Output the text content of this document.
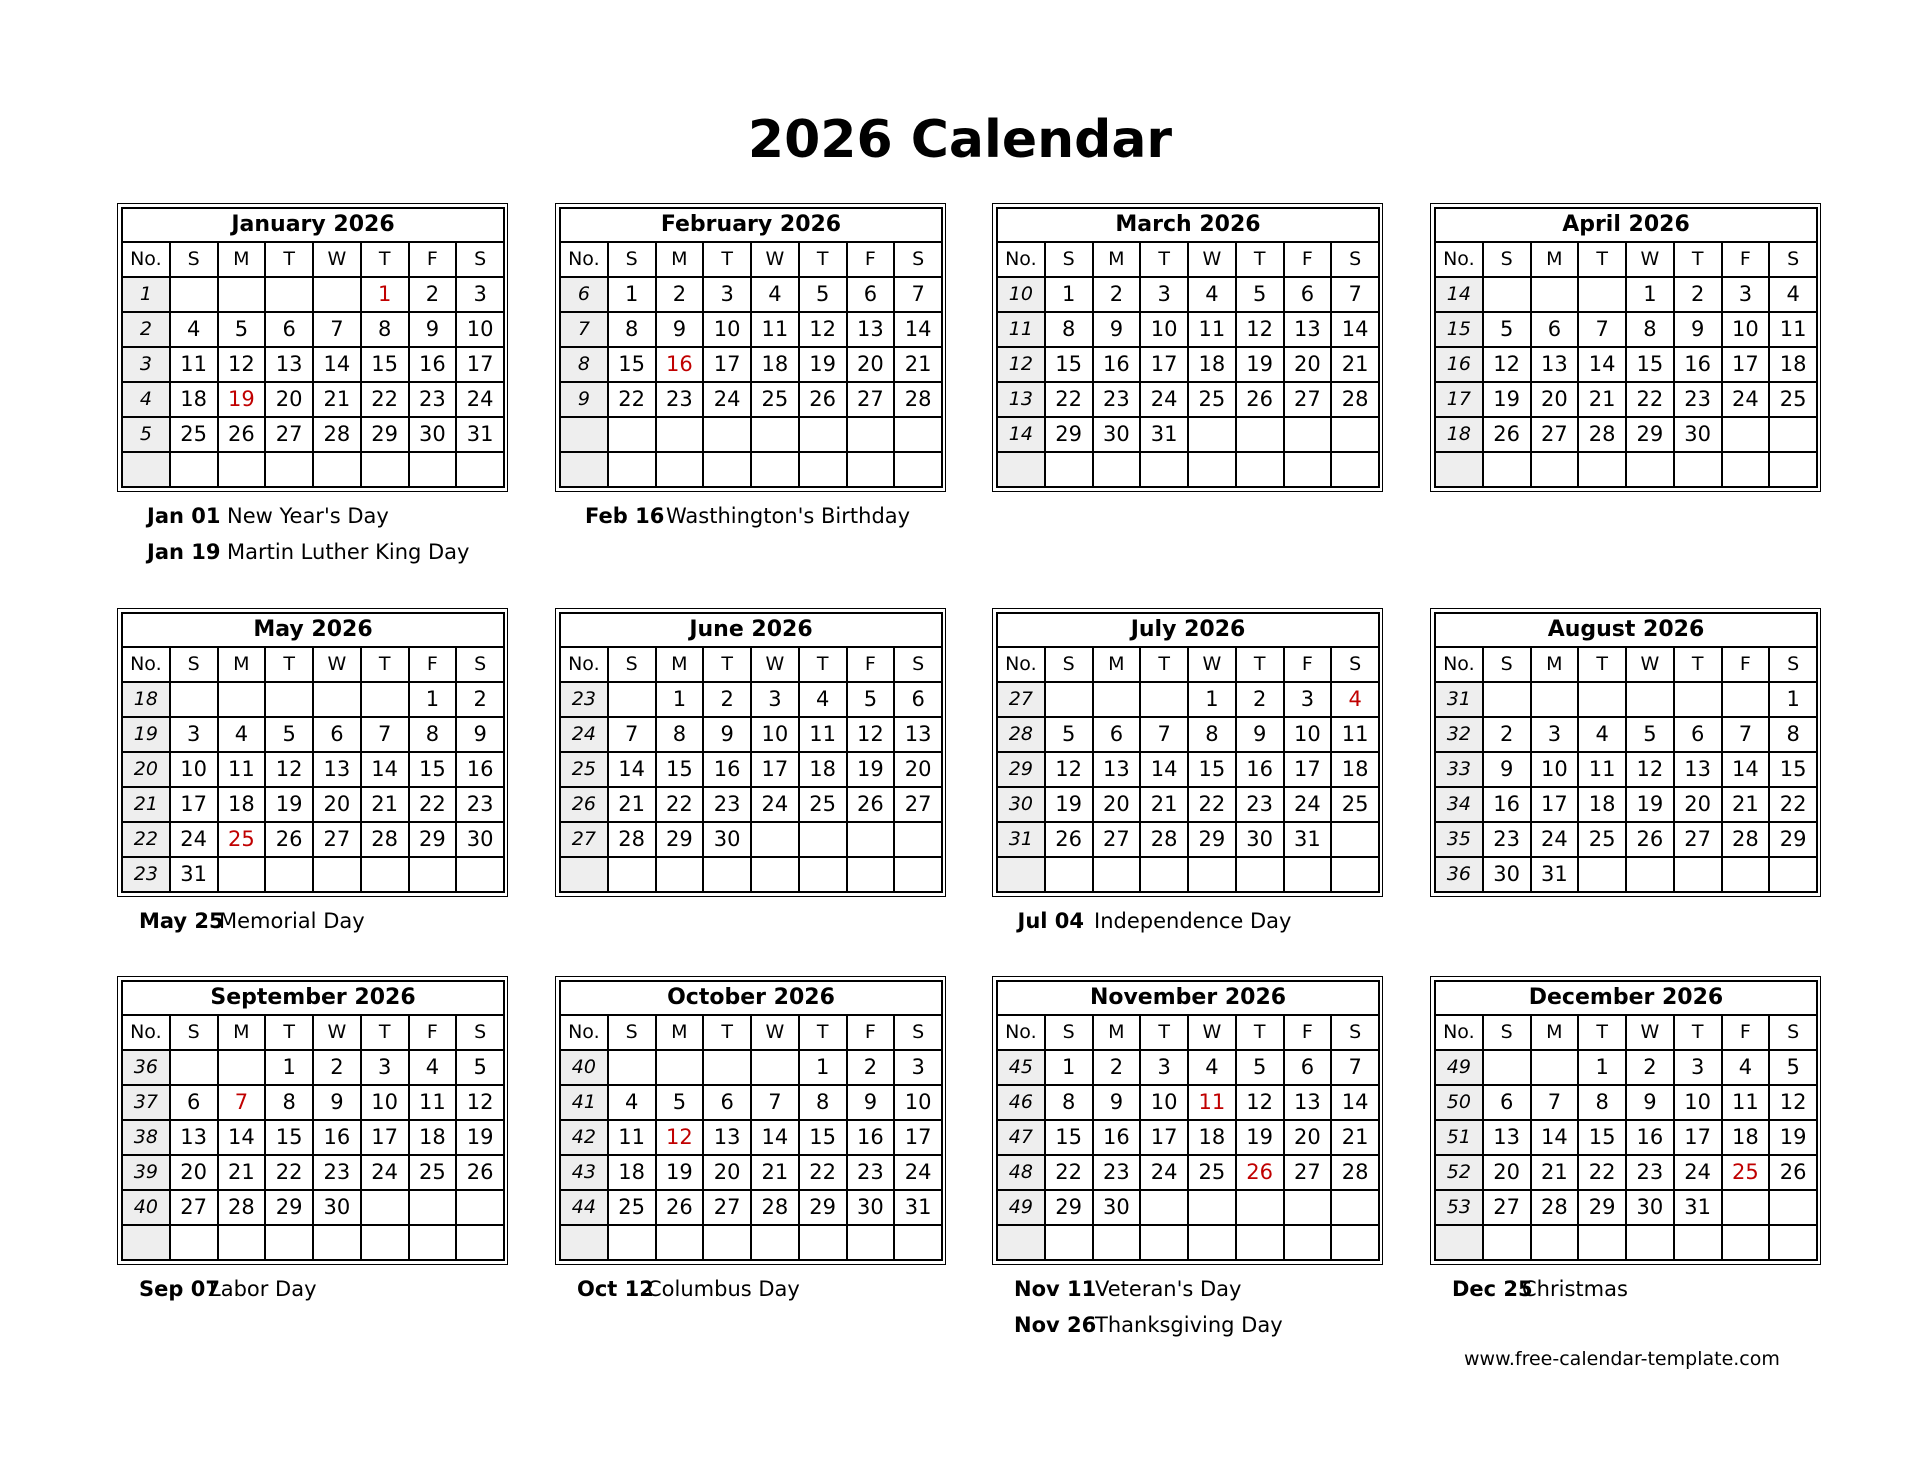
2026 Calendar
January 2026							
No.	S	M	T	W	T	F	S
1					1	2	3
2	4	5	6	7	8	9	10
3	11	12	13	14	15	16	17
4	18	19	20	21	22	23	24
5	25	26	27	28	29	30	31

Jan 01 New Year's Day
Jan 19 Martin Luther King Day
February 2026							
No.	S	M	T	W	T	F	S
6	1	2	3	4	5	6	7
7	8	9	10	11	12	13	14
8	15	16	17	18	19	20	21
9	22	23	24	25	26	27	28

Feb 16Wasthington's Birthday
March 2026							
No.	S	M	T	W	T	F	S
10	1	2	3	4	5	6	7
11	8	9	10	11	12	13	14
12	15	16	17	18	19	20	21
13	22	23	24	25	26	27	28
14	29	30	31				

April 2026							
No.	S	M	T	W	T	F	S
14				1	2	3	4
15	5	6	7	8	9	10	11
16	12	13	14	15	16	17	18
17	19	20	21	22	23	24	25
18	26	27	28	29	30		

May 2026							
No.	S	M	T	W	T	F	S
18						1	2
19	3	4	5	6	7	8	9
20	10	11	12	13	14	15	16
21	17	18	19	20	21	22	23
22	24	25	26	27	28	29	30
23	31						
May 25Memorial Day
June 2026							
No.	S	M	T	W	T	F	S
23		1	2	3	4	5	6
24	7	8	9	10	11	12	13
25	14	15	16	17	18	19	20
26	21	22	23	24	25	26	27
27	28	29	30				

July 2026							
No.	S	M	T	W	T	F	S
27				1	2	3	4
28	5	6	7	8	9	10	11
29	12	13	14	15	16	17	18
30	19	20	21	22	23	24	25
31	26	27	28	29	30	31	

Jul 04 Independence Day
August 2026							
No.	S	M	T	W	T	F	S
31							1
32	2	3	4	5	6	7	8
33	9	10	11	12	13	14	15
34	16	17	18	19	20	21	22
35	23	24	25	26	27	28	29
36	30	31					
September 2026							
No.	S	M	T	W	T	F	S
36			1	2	3	4	5
37	6	7	8	9	10	11	12
38	13	14	15	16	17	18	19
39	20	21	22	23	24	25	26
40	27	28	29	30			

Sep 07Labor Day
October 2026							
No.	S	M	T	W	T	F	S
40					1	2	3
41	4	5	6	7	8	9	10
42	11	12	13	14	15	16	17
43	18	19	20	21	22	23	24
44	25	26	27	28	29	30	31

Oct 12Columbus Day
November 2026							
No.	S	M	T	W	T	F	S
45	1	2	3	4	5	6	7
46	8	9	10	11	12	13	14
47	15	16	17	18	19	20	21
48	22	23	24	25	26	27	28
49	29	30					

Nov 11Veteran's Day
Nov 26Thanksgiving Day
December 2026							
No.	S	M	T	W	T	F	S
49			1	2	3	4	5
50	6	7	8	9	10	11	12
51	13	14	15	16	17	18	19
52	20	21	22	23	24	25	26
53	27	28	29	30	31		

Dec 25Christmas
www.free-calendar-template.com
